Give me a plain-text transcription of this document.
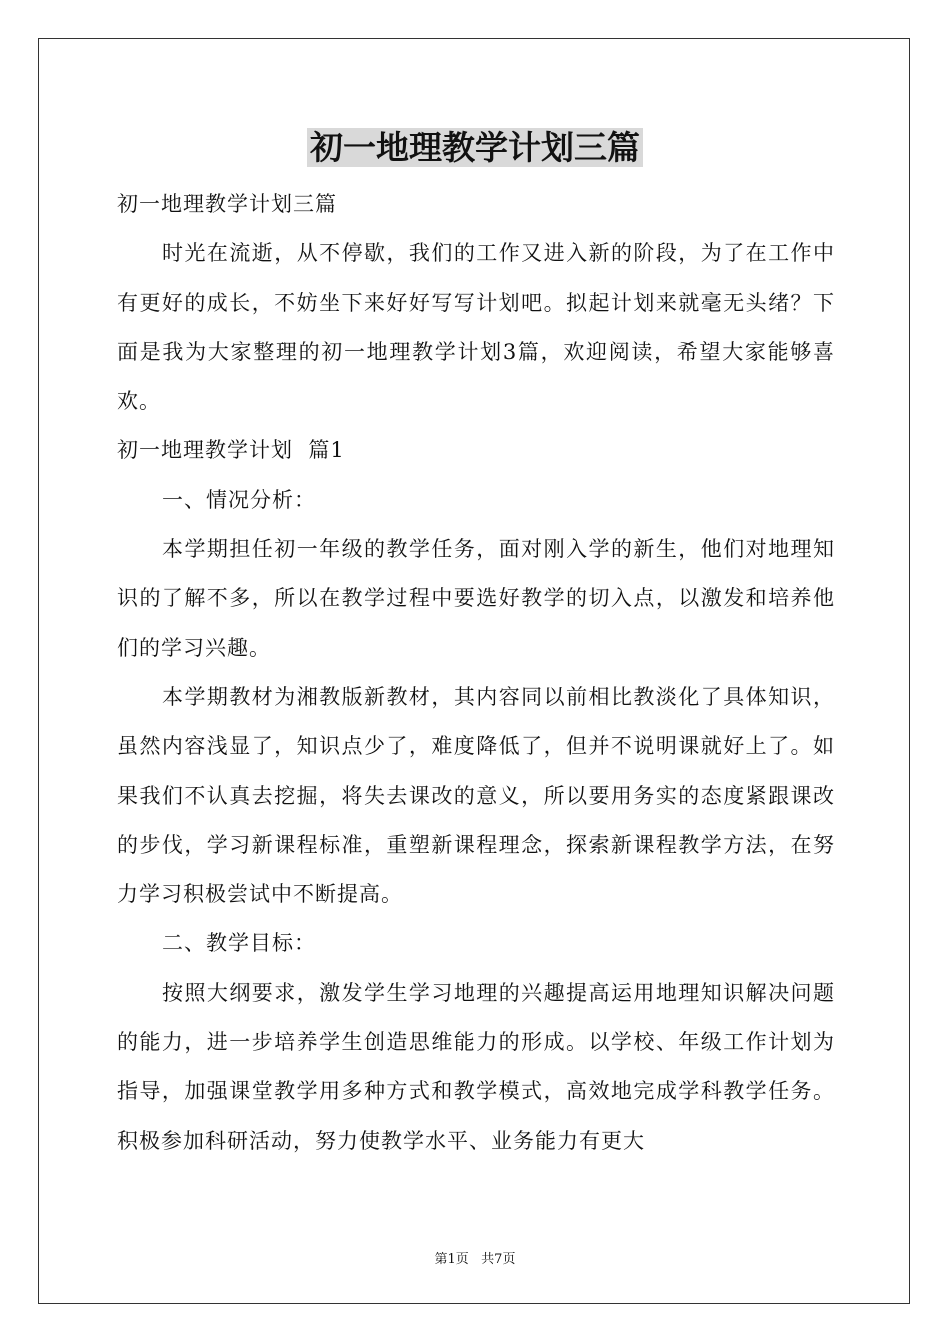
初一地理教学计划三篇

初一地理教学计划三篇

时光在流逝，从不停歇，我们的工作又进入新的阶段，为了在工作中有更好的成长，不妨坐下来好好写写计划吧。拟起计划来就毫无头绪？下面是我为大家整理的初一地理教学计划3篇，欢迎阅读，希望大家能够喜欢。

初一地理教学计划  篇1

一、情况分析：

本学期担任初一年级的教学任务，面对刚入学的新生，他们对地理知识的了解不多，所以在教学过程中要选好教学的切入点，以激发和培养他们的学习兴趣。

本学期教材为湘教版新教材，其内容同以前相比教淡化了具体知识，虽然内容浅显了，知识点少了，难度降低了，但并不说明课就好上了。如果我们不认真去挖掘，将失去课改的意义，所以要用务实的态度紧跟课改的步伐，学习新课程标准，重塑新课程理念，探索新课程教学方法，在努力学习积极尝试中不断提高。

二、教学目标：

按照大纲要求，激发学生学习地理的兴趣提高运用地理知识解决问题的能力，进一步培养学生创造思维能力的形成。以学校、年级工作计划为指导，加强课堂教学用多种方式和教学模式，高效地完成学科教学任务。积极参加科研活动，努力使教学水平、业务能力有更大

第1页   共7页
